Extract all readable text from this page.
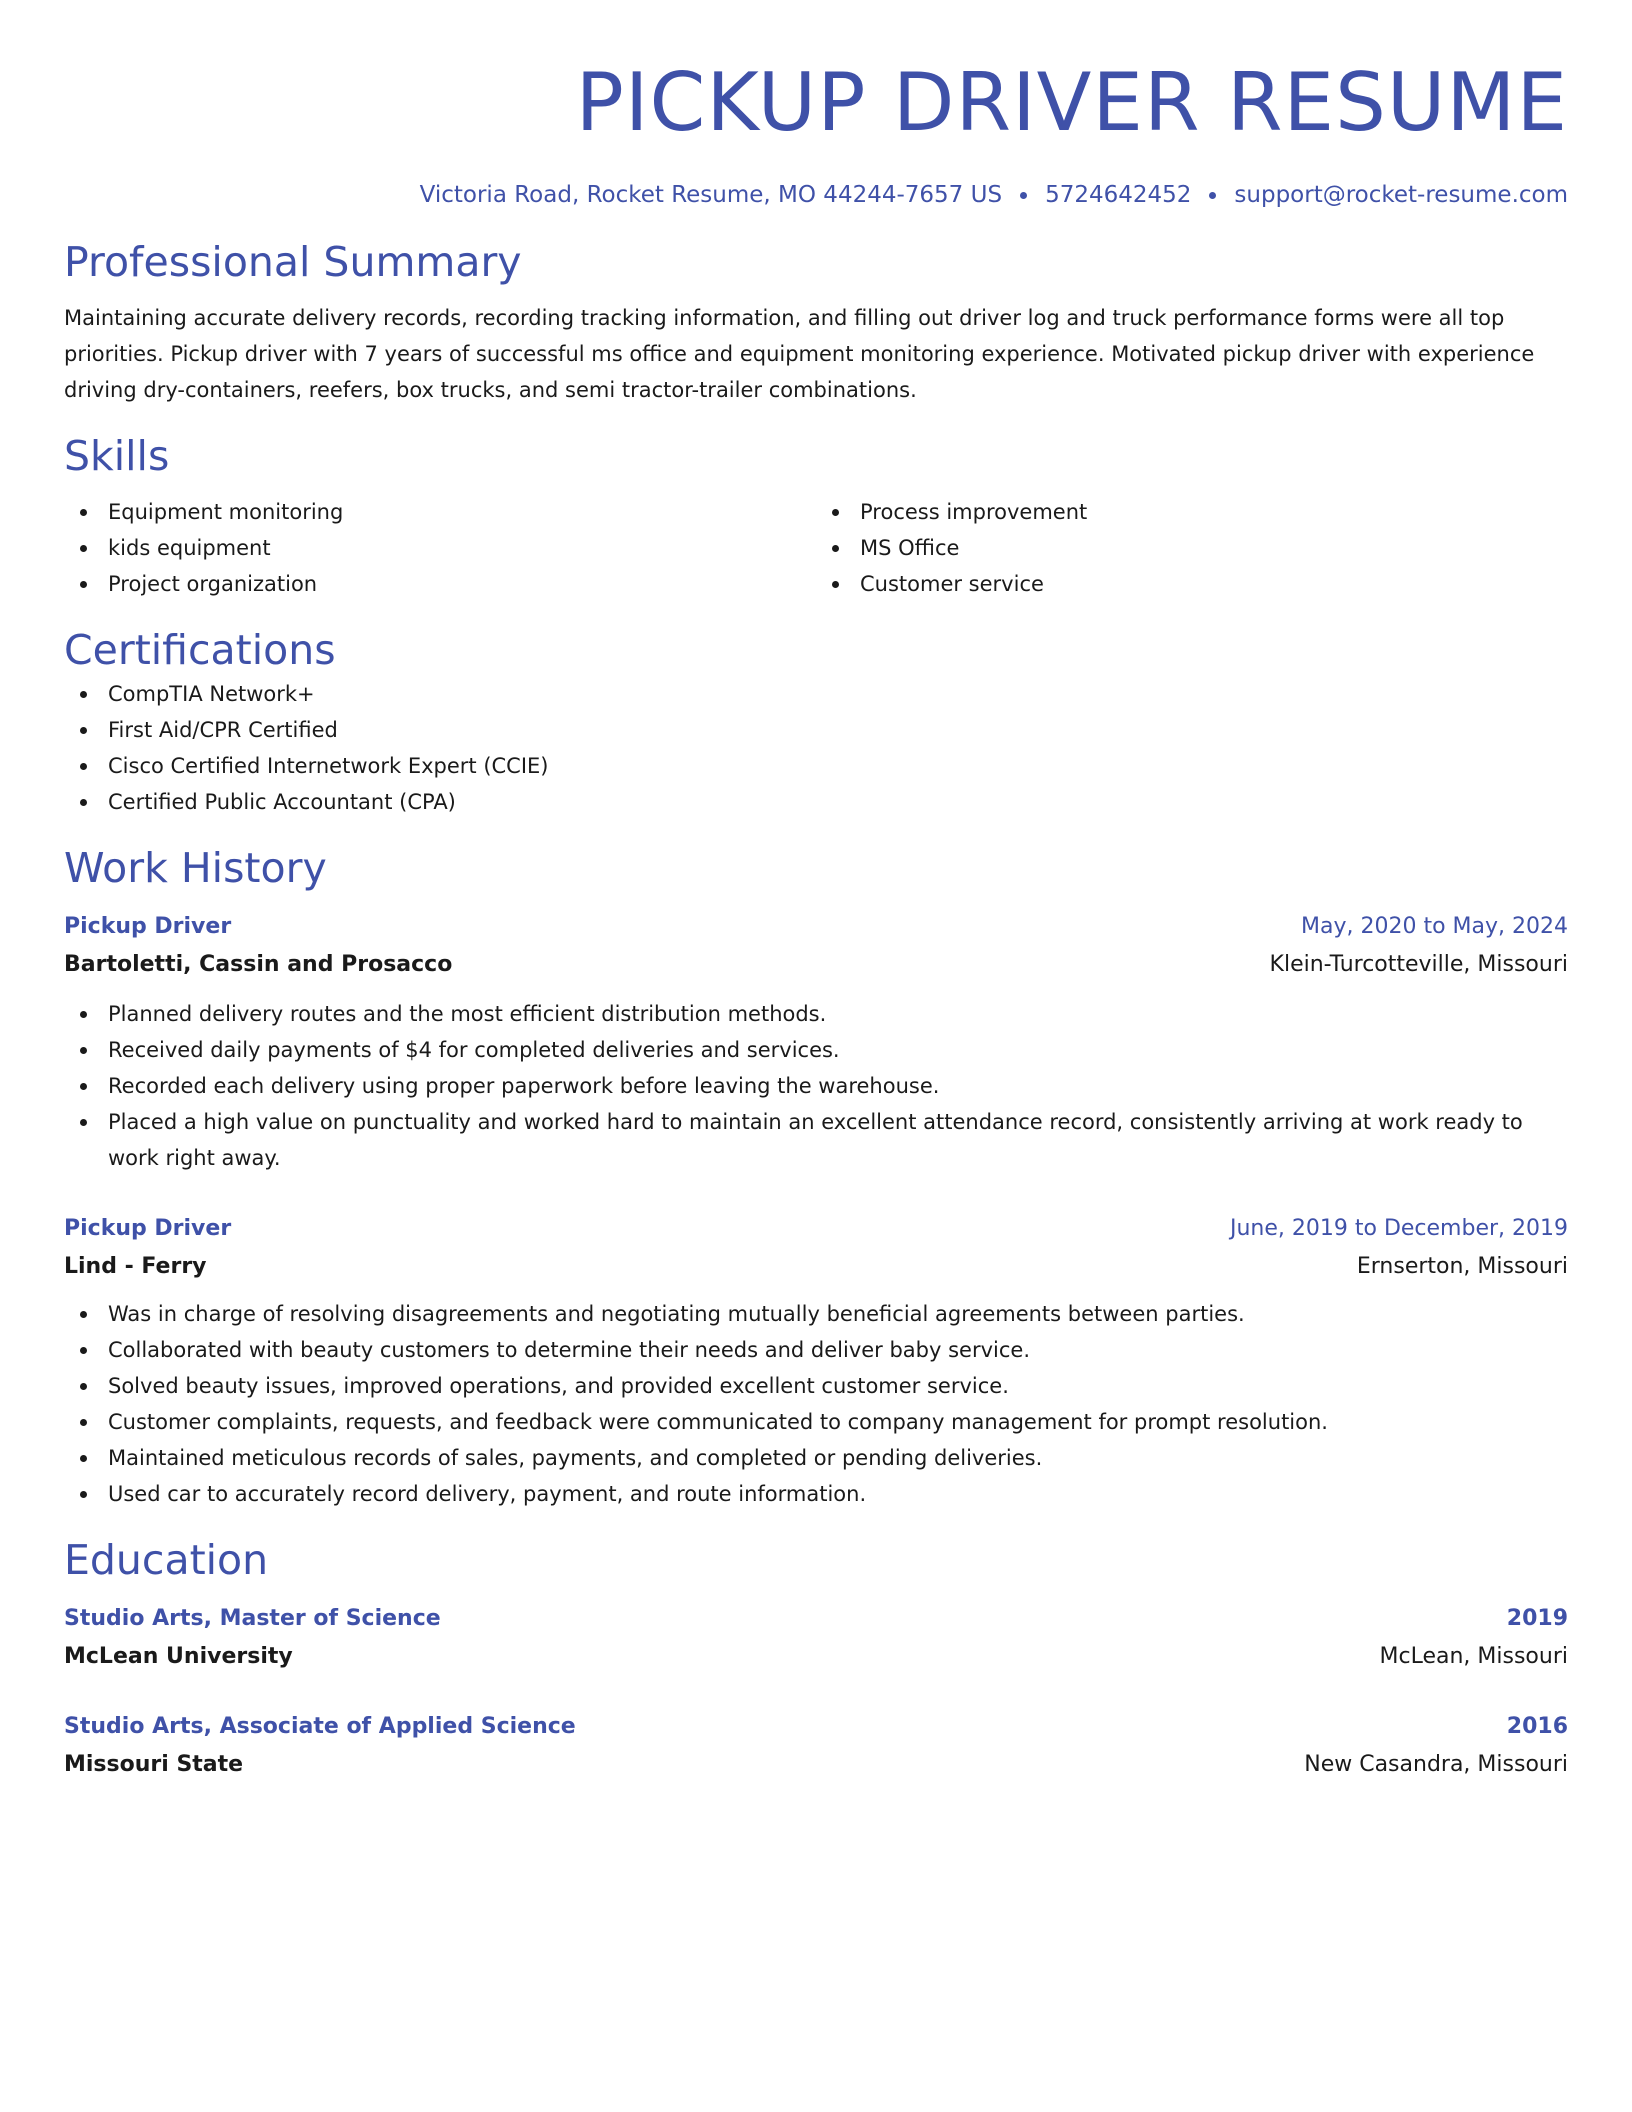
PICKUP DRIVER RESUME
Victoria Road, Rocket Resume, MO 44244-7657 US 5724642452 support@rocket-resume.com
Professional Summary
Maintaining accurate delivery records, recording tracking information, and filling out driver log and truck performance forms were all top priorities. Pickup driver with 7 years of successful ms office and equipment monitoring experience. Motivated pickup driver with experience driving dry-containers, reefers, box trucks, and semi tractor-trailer combinations.
Skills
Equipment monitoring
kids equipment
Project organization
Process improvement
MS Office
Customer service
Certifications
CompTIA Network+
First Aid/CPR Certified
Cisco Certified Internetwork Expert (CCIE)
Certified Public Accountant (CPA)
Work History
Pickup Driver	May, 2020 to May, 2024
Bartoletti, Cassin and Prosacco	Klein-Turcotteville, Missouri
Planned delivery routes and the most efficient distribution methods.
Received daily payments of $4 for completed deliveries and services.
Recorded each delivery using proper paperwork before leaving the warehouse.
Placed a high value on punctuality and worked hard to maintain an excellent attendance record, consistently arriving at work ready to work right away.
Pickup Driver	June, 2019 to December, 2019
Lind - Ferry	Ernserton, Missouri
Was in charge of resolving disagreements and negotiating mutually beneficial agreements between parties.
Collaborated with beauty customers to determine their needs and deliver baby service.
Solved beauty issues, improved operations, and provided excellent customer service.
Customer complaints, requests, and feedback were communicated to company management for prompt resolution.
Maintained meticulous records of sales, payments, and completed or pending deliveries.
Used car to accurately record delivery, payment, and route information.
Education
Studio Arts, Master of Science	2019
McLean University	McLean, Missouri
Studio Arts, Associate of Applied Science	2016
Missouri State	New Casandra, Missouri
